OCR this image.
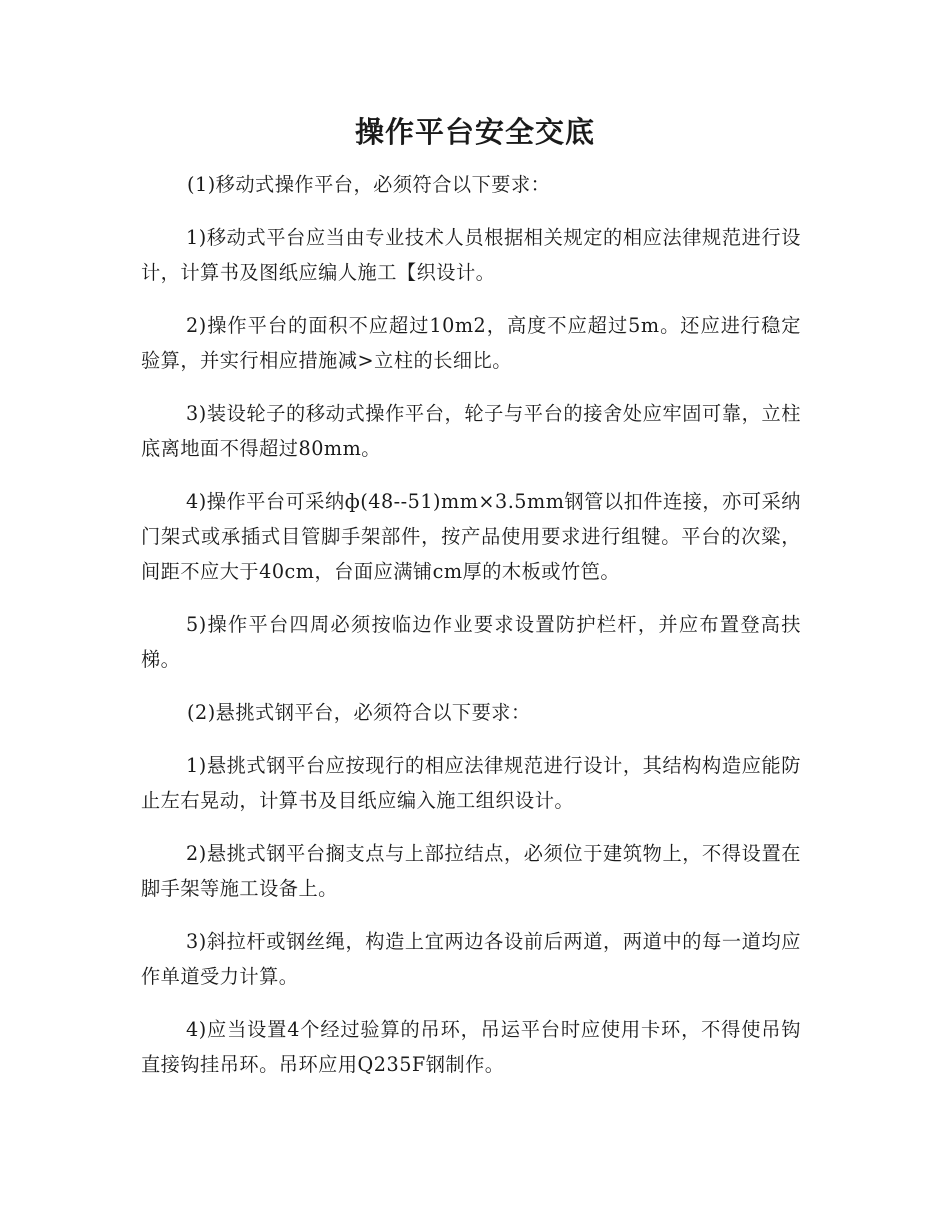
操作平台安全交底

(1)移动式操作平台，必须符合以下要求：

1)移动式平台应当由专业技术人员根据相关规定的相应法律规范进行设计，计算书及图纸应编人施工【织设计。

2)操作平台的面积不应超过10m2，高度不应超过5m。还应进行稳定验算，并实行相应措施减>立柱的长细比。

3)装设轮子的移动式操作平台，轮子与平台的接舍处应牢固可靠，立柱底离地面不得超过80mm。

4)操作平台可采纳ф(48--51)mm×3.5mm钢管以扣件连接，亦可采纳门架式或承插式目管脚手架部件，按产品使用要求进行组犍。平台的次粱，间距不应大于40cm，台面应满铺cm厚的木板或竹笆。

5)操作平台四周必须按临边作业要求设置防护栏杆，并应布置登高扶梯。

(2)悬挑式钢平台，必须符合以下要求：

1)悬挑式钢平台应按现行的相应法律规范进行设计，其结构构造应能防止左右晃动，计算书及目纸应编入施工组织设计。

2)悬挑式钢平台搁支点与上部拉结点，必须位于建筑物上，不得设置在脚手架等施工设备上。

3)斜拉杆或钢丝绳，构造上宜两边各设前后两道，两道中的每一道均应作单道受力计算。

4)应当设置4个经过验算的吊环，吊运平台时应使用卡环，不得使吊钩直接钩挂吊环。吊环应用Q235F钢制作。
